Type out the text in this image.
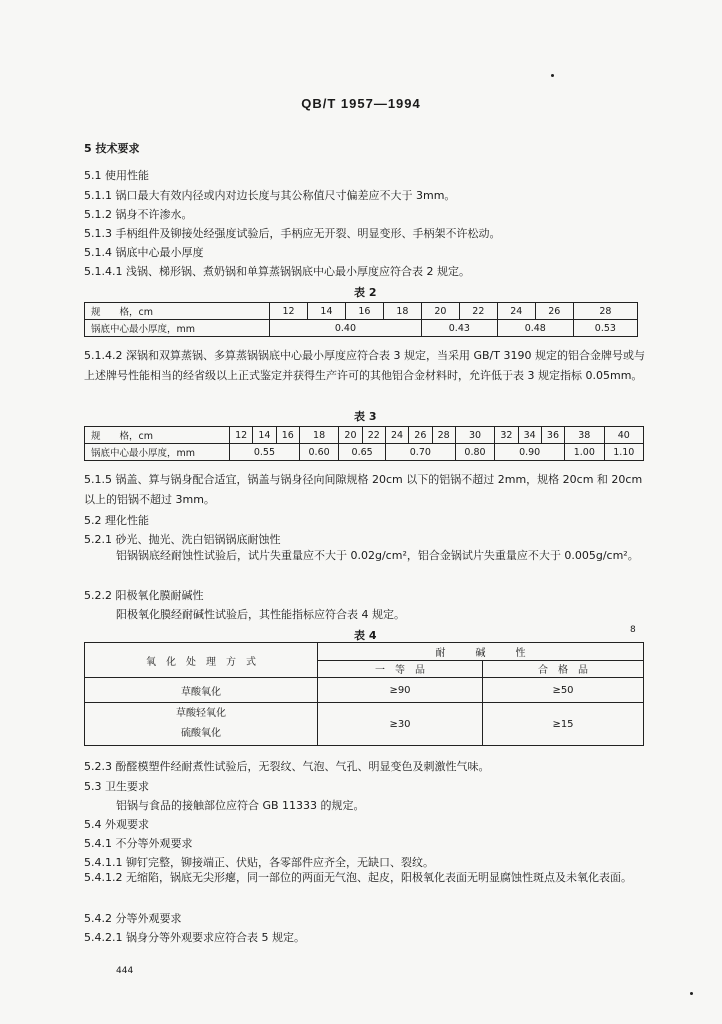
QB/T 1957—1994
5 技术要求
5.1 使用性能
5.1.1 锅口最大有效内径或内对边长度与其公称值尺寸偏差应不大于 3mm。
5.1.2 锅身不许渗水。
5.1.3 手柄组件及铆接处经强度试验后，手柄应无开裂、明显变形、手柄架不许松动。
5.1.4 锅底中心最小厚度
5.1.4.1 浅锅、梯形锅、煮奶锅和单算蒸锅锅底中心最小厚度应符合表 2 规定。
表 2
规　　格，cm	12	14	16	18	20	22	24	26	28
锅底中心最小厚度，mm	0.40				0.43		0.48		0.53
5.1.4.2 深锅和双算蒸锅、多算蒸锅锅底中心最小厚度应符合表 3 规定，当采用 GB/T 3190 规定的铝合金牌号或与上述牌号性能相当的经省级以上正式鉴定并获得生产许可的其他铝合金材料时，允许低于表 3 规定指标 0.05mm。
表 3
规　　格，cm	12	14	16	18	20	22	24	26	28	30	32	34	36	38	40
锅底中心最小厚度，mm	0.55			0.60	0.65		0.70			0.80	0.90			1.00	1.10
5.1.5 锅盖、算与锅身配合适宜，锅盖与锅身径向间隙规格 20cm 以下的铝锅不超过 2mm，规格 20cm 和 20cm 以上的铝锅不超过 3mm。
5.2 理化性能
5.2.1 砂光、抛光、洗白铝锅锅底耐蚀性
铝锅锅底经耐蚀性试验后，试片失重量应不大于 0.02g/cm²，铝合金锅试片失重量应不大于 0.005g/cm²。
5.2.2 阳极氧化膜耐碱性
阳极氧化膜经耐碱性试验后，其性能指标应符合表 4 规定。
表 4	8
氧　化　处　理　方　式	耐　　　碱　　　性	
	一　等　品	合　格　品
草酸氧化	≥90	≥50

草酸轻氧化
硫酸氧化	≥30	≥15
5.2.3 酚醛模塑件经耐煮性试验后，无裂纹、气泡、气孔、明显变色及刺激性气味。
5.3 卫生要求
铝锅与食品的接触部位应符合 GB 11333 的规定。
5.4 外观要求
5.4.1 不分等外观要求
5.4.1.1 铆钉完整，铆接端正、伏贴，各零部件应齐全，无缺口、裂纹。
5.4.1.2 无缩陷，锅底无尖形瘪，同一部位的两面无气泡、起皮，阳极氧化表面无明显腐蚀性斑点及未氧化表面。
5.4.2 分等外观要求
5.4.2.1 锅身分等外观要求应符合表 5 规定。
444
